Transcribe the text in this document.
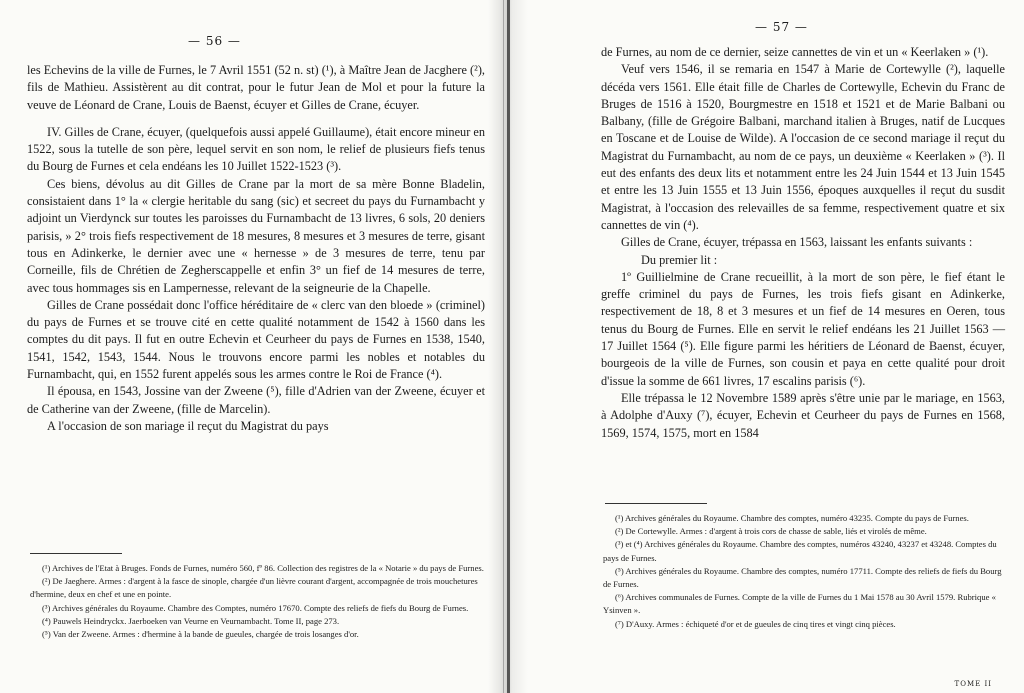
— 56 —

les Echevins de la ville de Furnes, le 7 Avril 1551 (52 n. st) (¹), à Maître Jean de Jacghere (²), fils de Mathieu. Assistèrent au dit contrat, pour le futur Jean de Mol et pour la future la veuve de Léonard de Crane, Louis de Baenst, écuyer et Gilles de Crane, écuyer.

IV. Gilles de Crane, écuyer, (quelquefois aussi appelé Guillaume), était encore mineur en 1522, sous la tutelle de son père, lequel servit en son nom, le relief de plusieurs fiefs tenus du Bourg de Furnes et cela endéans les 10 Juillet 1522-1523 (³).

Ces biens, dévolus au dit Gilles de Crane par la mort de sa mère Bonne Bladelin, consistaient dans 1° la « clergie heritable du sang (sic) et secreet du pays du Furnambacht y adjoint un Vierdynck sur toutes les paroisses du Furnambacht de 13 livres, 6 sols, 20 deniers parisis, » 2° trois fiefs respectivement de 18 mesures, 8 mesures et 3 mesures de terre, gisant tous en Adinkerke, le dernier avec une « hernesse » de 3 mesures de terre, tenu par Corneille, fils de Chrétien de Zegherscappelle et enfin 3° un fief de 14 mesures de terre, avec tous hommages sis en Lampernesse, relevant de la seigneurie de la Chapelle.

Gilles de Crane possédait donc l'office héréditaire de « clerc van den bloede » (criminel) du pays de Furnes et se trouve cité en cette qualité notamment de 1542 à 1560 dans les comptes du dit pays. Il fut en outre Echevin et Ceurheer du pays de Furnes en 1538, 1540, 1541, 1542, 1543, 1544. Nous le trouvons encore parmi les nobles et notables du Furnambacht, qui, en 1552 furent appelés sous les armes contre le Roi de France (⁴).

Il épousa, en 1543, Jossine van der Zweene (⁵), fille d'Adrien van der Zweene, écuyer et de Catherine van der Zweene, (fille de Marcelin).

A l'occasion de son mariage il reçut du Magistrat du pays

(¹) Archives de l'Etat à Bruges. Fonds de Furnes, numéro 560, fº 86. Collection des registres de la « Notarie » du pays de Furnes.

(²) De Jaeghere. Armes : d'argent à la fasce de sinople, chargée d'un lièvre courant d'argent, accompagnée de trois mouchetures d'hermine, deux en chef et une en pointe.

(³) Archives générales du Royaume. Chambre des Comptes, numéro 17670. Compte des reliefs de fiefs du Bourg de Furnes.

(⁴) Pauwels Heindryckx. Jaerboeken van Veurne en Veurnambacht. Tome II, page 273.

(⁵) Van der Zweene. Armes : d'hermine à la bande de gueules, chargée de trois losanges d'or.

— 57 —

de Furnes, au nom de ce dernier, seize cannettes de vin et un « Keerlaken » (¹).

Veuf vers 1546, il se remaria en 1547 à Marie de Cortewylle (²), laquelle décéda vers 1561. Elle était fille de Charles de Cortewylle, Echevin du Franc de Bruges de 1516 à 1520, Bourgmestre en 1518 et 1521 et de Marie Balbani ou Balbany, (fille de Grégoire Balbani, marchand italien à Bruges, natif de Lucques en Toscane et de Louise de Wilde). A l'occasion de ce second mariage il reçut du Magistrat du Furnambacht, au nom de ce pays, un deuxième « Keerlaken » (³). Il eut des enfants des deux lits et notamment entre les 24 Juin 1544 et 13 Juin 1545 et entre les 13 Juin 1555 et 13 Juin 1556, époques auxquelles il reçut du susdit Magistrat, à l'occasion des relevailles de sa femme, respectivement quatre et six cannettes de vin (⁴).

Gilles de Crane, écuyer, trépassa en 1563, laissant les enfants suivants :

Du premier lit :

1º Guillielmine de Crane recueillit, à la mort de son père, le fief étant le greffe criminel du pays de Furnes, les trois fiefs gisant en Adinkerke, respectivement de 18, 8 et 3 mesures et un fief de 14 mesures en Oeren, tous tenus du Bourg de Furnes. Elle en servit le relief endéans les 21 Juillet 1563 — 17 Juillet 1564 (⁵). Elle figure parmi les héritiers de Léonard de Baenst, écuyer, bourgeois de la ville de Furnes, son cousin et paya en cette qualité pour droit d'issue la somme de 661 livres, 17 escalins parisis (⁶).

Elle trépassa le 12 Novembre 1589 après s'être unie par le mariage, en 1563, à Adolphe d'Auxy (⁷), écuyer, Echevin et Ceurheer du pays de Furnes en 1568, 1569, 1574, 1575, mort en 1584

(¹) Archives générales du Royaume. Chambre des comptes, numéro 43235. Compte du pays de Furnes.

(²) De Cortewylle. Armes : d'argent à trois cors de chasse de sable, liés et virolés de même.

(³) et (⁴) Archives générales du Royaume. Chambre des comptes, numéros 43240, 43237 et 43248. Comptes du pays de Furnes.

(⁵) Archives générales du Royaume. Chambre des comptes, numéro 17711. Compte des reliefs de fiefs du Bourg de Furnes.

(⁶) Archives communales de Furnes. Compte de la ville de Furnes du 1 Mai 1578 au 30 Avril 1579. Rubrique « Ysinven ».

(⁷) D'Auxy. Armes : échiqueté d'or et de gueules de cinq tires et vingt cinq pièces.

TOME II
